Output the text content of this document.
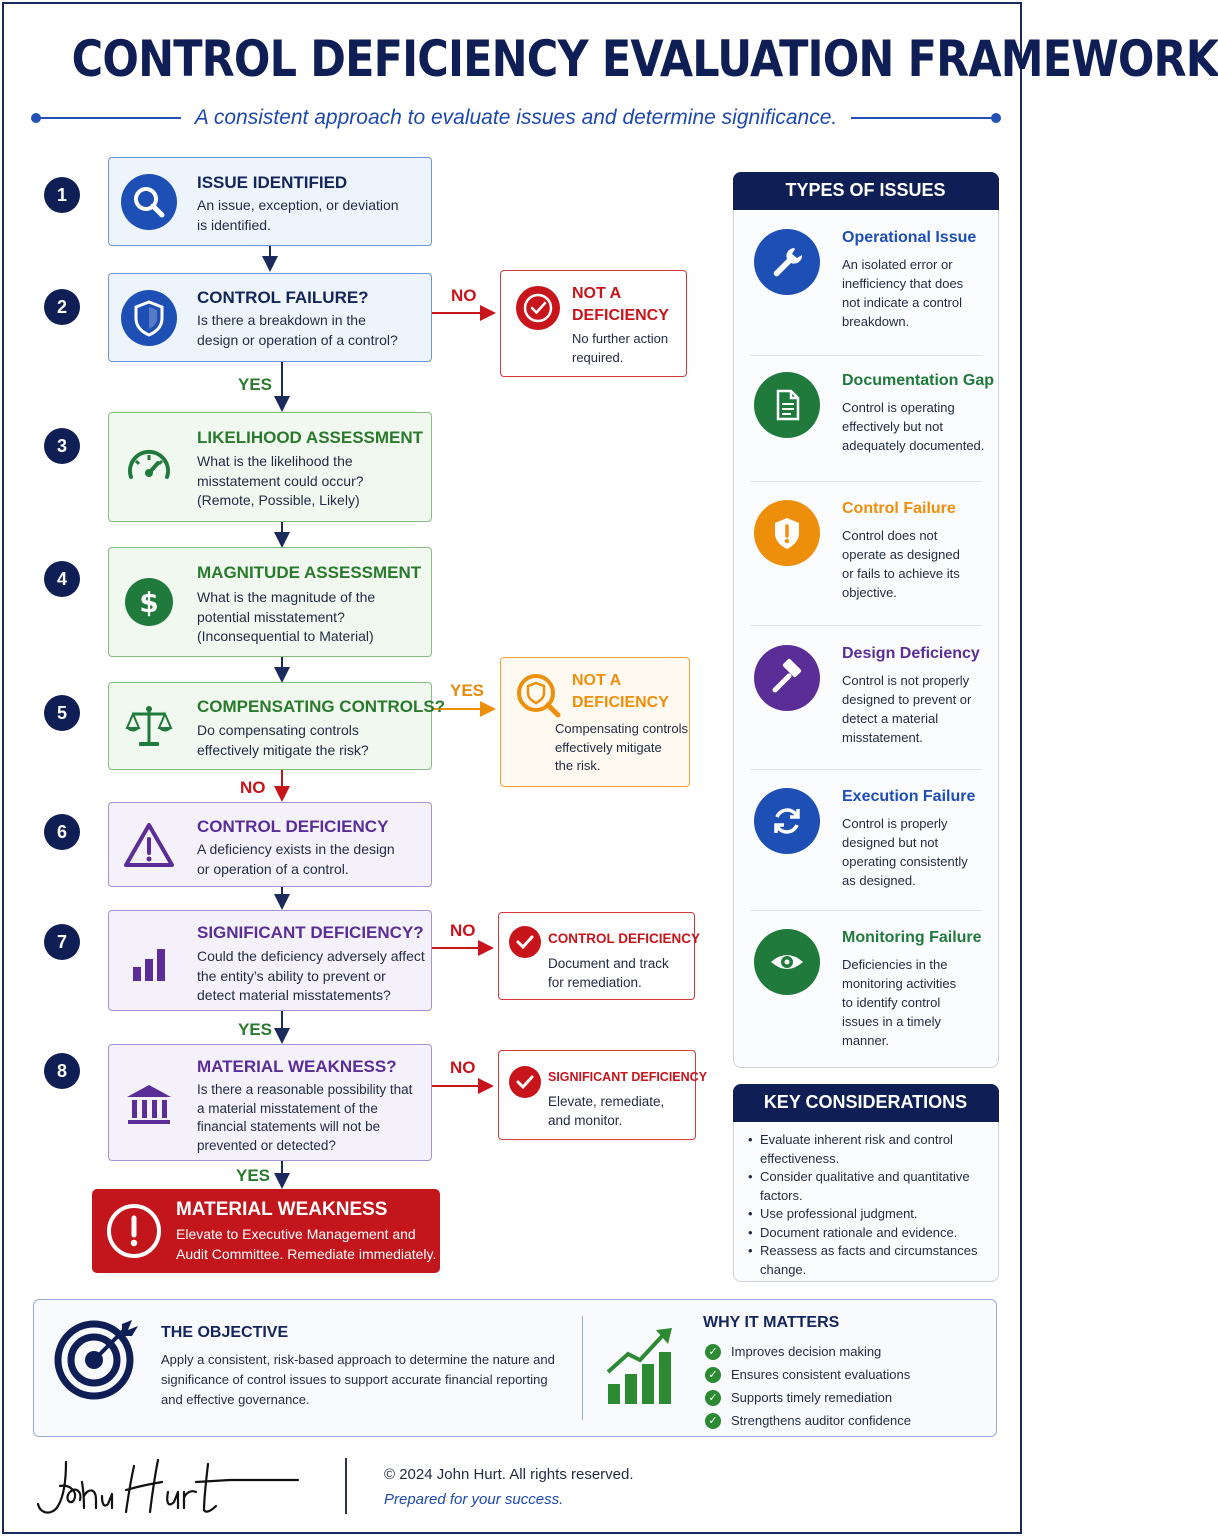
CONTROL DEFICIENCY EVALUATION FRAMEWORK
A consistent approach to evaluate issues and determine significance.
NO
YES
YES
NO
NO
YES
NO
YES
1
2
3
4
5
6
7
8
ISSUE IDENTIFIED
An issue, exception, or deviation
is identified.
CONTROL FAILURE?
Is there a breakdown in the
design or operation of a control?
NOT A
DEFICIENCY
No further action
required.
LIKELIHOOD ASSESSMENT
What is the likelihood the
misstatement could occur?
(Remote, Possible, Likely)
$
MAGNITUDE ASSESSMENT
What is the magnitude of the
potential misstatement?
(Inconsequential to Material)
COMPENSATING CONTROLS?
Do compensating controls
effectively mitigate the risk?
NOT A
DEFICIENCY
Compensating controls
effectively mitigate
the risk.
CONTROL DEFICIENCY
A deficiency exists in the design
or operation of a control.
SIGNIFICANT DEFICIENCY?
Could the deficiency adversely affect
the entity’s ability to prevent or
detect material misstatements?
CONTROL DEFICIENCY
Document and track
for remediation.
MATERIAL WEAKNESS?
Is there a reasonable possibility that
a material misstatement of the
financial statements will not be
prevented or detected?
SIGNIFICANT DEFICIENCY
Elevate, remediate,
and monitor.
MATERIAL WEAKNESS
Elevate to Executive Management and
Audit Committee. Remediate immediately.
TYPES OF ISSUES
Operational Issue
An isolated error or
inefficiency that does
not indicate a control
breakdown.
Documentation Gap
Control is operating
effectively but not
adequately documented.
Control Failure
Control does not
operate as designed
or fails to achieve its
objective.
Design Deficiency
Control is not properly
designed to prevent or
detect a material
misstatement.
Execution Failure
Control is properly
designed but not
operating consistently
as designed.
Monitoring Failure
Deficiencies in the
monitoring activities
to identify control
issues in a timely
manner.
KEY CONSIDERATIONS
• Evaluate inherent risk and control effectiveness.
• Consider qualitative and quantitative factors.
• Use professional judgment.
• Document rationale and evidence.
• Reassess as facts and circumstances change.
THE OBJECTIVE
Apply a consistent, risk-based approach to determine the nature and significance of control issues to support accurate financial reporting and effective governance.
WHY IT MATTERS
✓ Improves decision making
✓ Ensures consistent evaluations
✓ Supports timely remediation
✓ Strengthens auditor confidence
© 2024 John Hurt. All rights reserved.
Prepared for your success.
